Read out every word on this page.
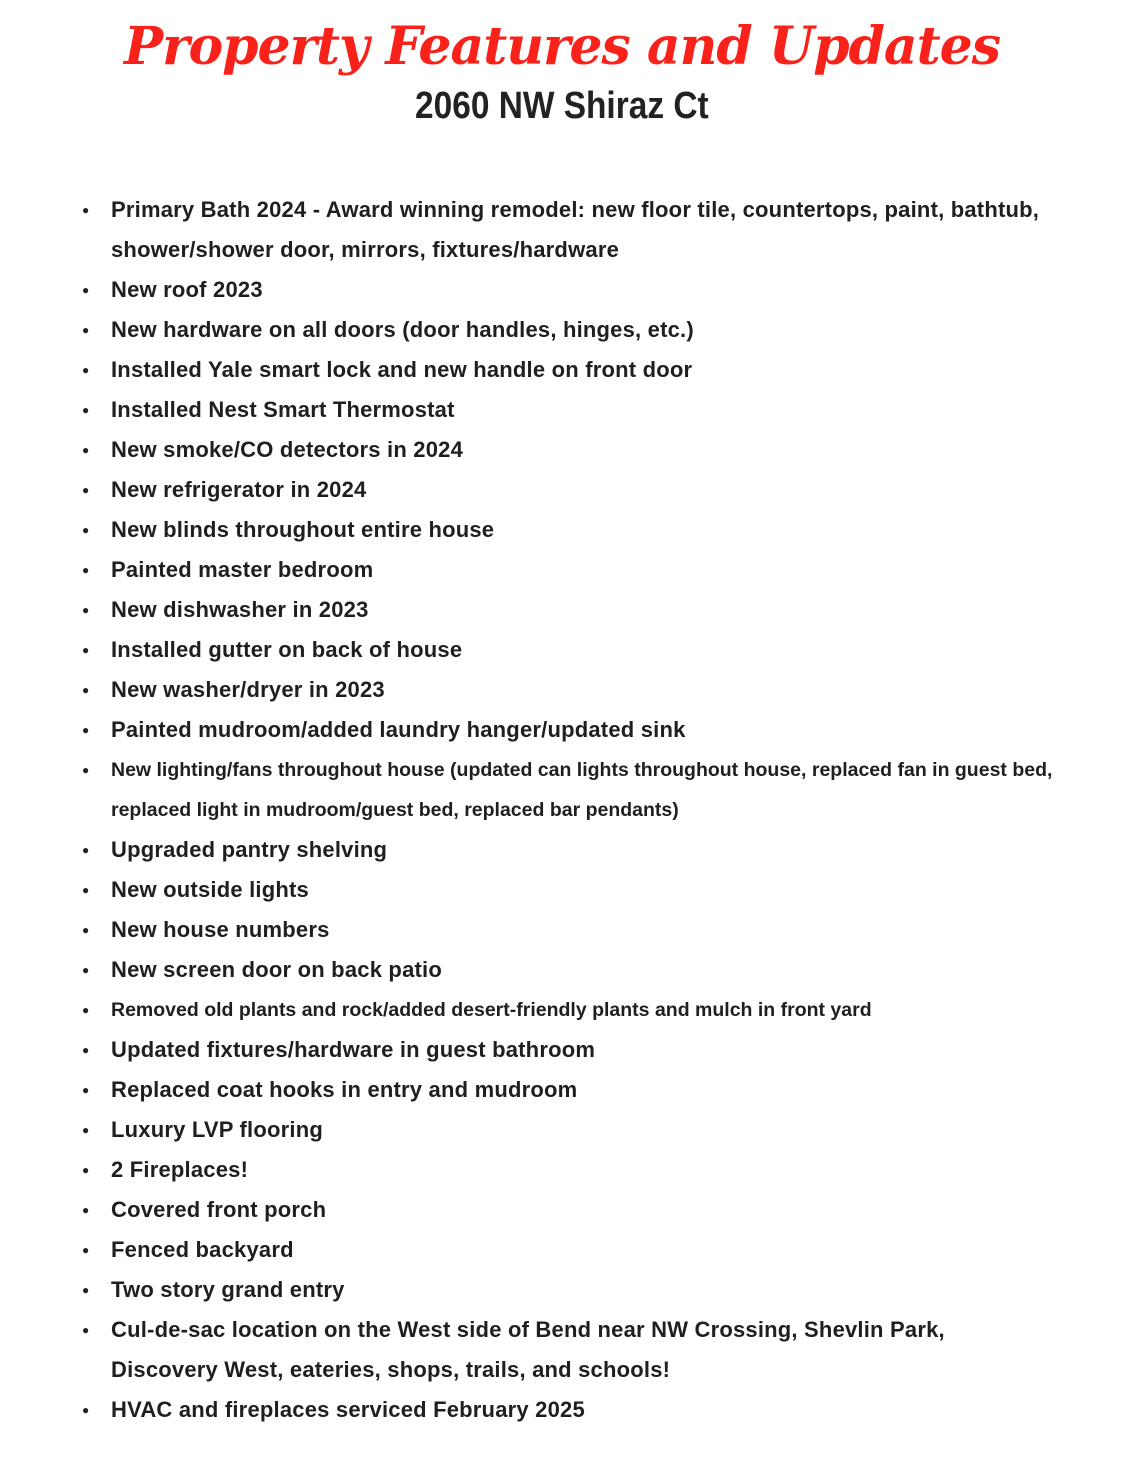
Property Features and Updates
2060 NW Shiraz Ct
● Primary Bath 2024 - Award winning remodel: new floor tile, countertops, paint, bathtub, shower/shower door, mirrors, fixtures/hardware
● New roof 2023
● New hardware on all doors (door handles, hinges, etc.)
● Installed Yale smart lock and new handle on front door
● Installed Nest Smart Thermostat
● New smoke/CO detectors in 2024
● New refrigerator in 2024
● New blinds throughout entire house
● Painted master bedroom
● New dishwasher in 2023
● Installed gutter on back of house
● New washer/dryer in 2023
● Painted mudroom/added laundry hanger/updated sink
● New lighting/fans throughout house (updated can lights throughout house, replaced fan in guest bed, replaced light in mudroom/guest bed, replaced bar pendants)
● Upgraded pantry shelving
● New outside lights
● New house numbers
● New screen door on back patio
● Removed old plants and rock/added desert-friendly plants and mulch in front yard
● Updated fixtures/hardware in guest bathroom
● Replaced coat hooks in entry and mudroom
● Luxury LVP flooring
● 2 Fireplaces!
● Covered front porch
● Fenced backyard
● Two story grand entry
● Cul-de-sac location on the West side of Bend near NW Crossing, Shevlin Park, Discovery West, eateries, shops, trails, and schools!
● HVAC and fireplaces serviced February 2025
